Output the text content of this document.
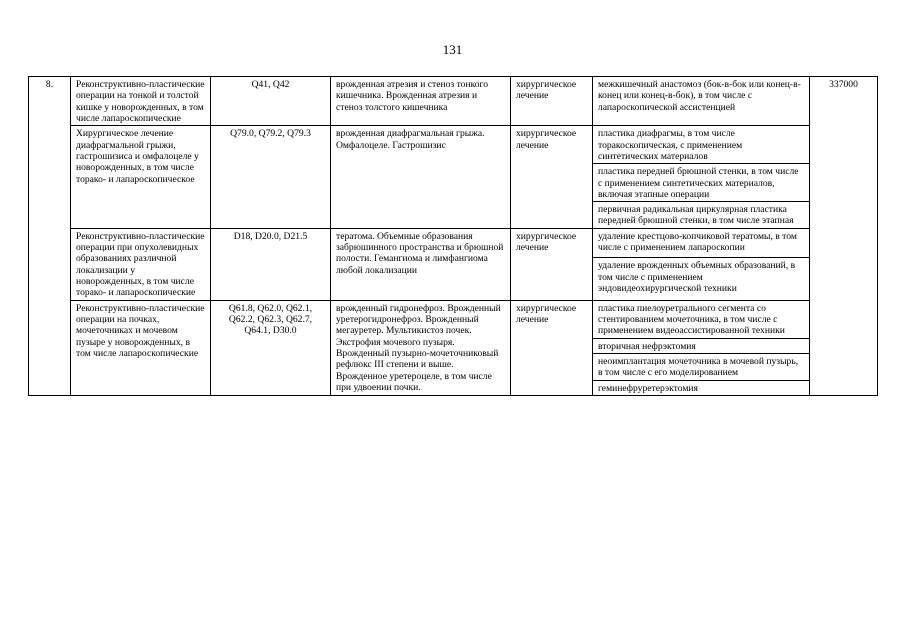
131
8.	Реконструктивно-пластические операции на тонкой и толстой кишке у новорожденных, в том числе лапароскопические	Q41, Q42	врожденная атрезия и стеноз тонкого кишечника. Врожденная атрезия и стеноз толстого кишечника	хирургическое лечение	межкишечный анастомоз (бок-в-бок или конец-в-конец или конец-в-бок), в том числе с лапароскопической ассистенцией	337000
	Хирургическое лечение диафрагмальной грыжи, гастрошизиса и омфалоцеле у новорожденных, в том числе торако- и лапароскопическое	Q79.0, Q79.2, Q79.3	врожденная диафрагмальная грыжа. Омфалоцеле. Гастрошизис	хирургическое лечение	пластика диафрагмы, в том числе торакоскопическая, с применением синтетических материалов	
					пластика передней брюшной стенки, в том числе с применением синтетических материалов, включая этапные операции	
					первичная радикальная циркулярная пластика передней брюшной стенки, в том числе этапная	
	Реконструктивно-пластические операции при опухолевидных образованиях различной локализации у новорожденных, в том числе торако- и лапароскопические	D18, D20.0, D21.5	тератома. Объемные образования забрюшинного пространства и брюшной полости. Гемангиома и лимфангиома любой локализации	хирургическое лечение	удаление крестцово-копчиковой тератомы, в том числе с применением лапароскопии	
					удаление врожденных объемных образований, в том числе с применением эндовидеохирургической техники	
	Реконструктивно-пластические операции на почках, мочеточниках и мочевом пузыре у новорожденных, в том числе лапароскопические	Q61.8, Q62.0, Q62.1, Q62.2, Q62.3, Q62.7, Q64.1, D30.0	врожденный гидронефроз. Врожденный уретерогидронефроз. Врожденный мегауретер. Мультикистоз почек. Экстрофия мочевого пузыря. Врожденный пузырно-мочеточниковый рефлюкс III степени и выше. Врожденное уретероцеле, в том числе при удвоении почки.	хирургическое лечение	пластика пиелоуретрального сегмента со стентированием мочеточника, в том числе с применением видеоассистированной техники	
					вторичная нефрэктомия	
					неоимплантация мочеточника в мочевой пузырь, в том числе с его моделированием	
					геминефруретерэктомия	
